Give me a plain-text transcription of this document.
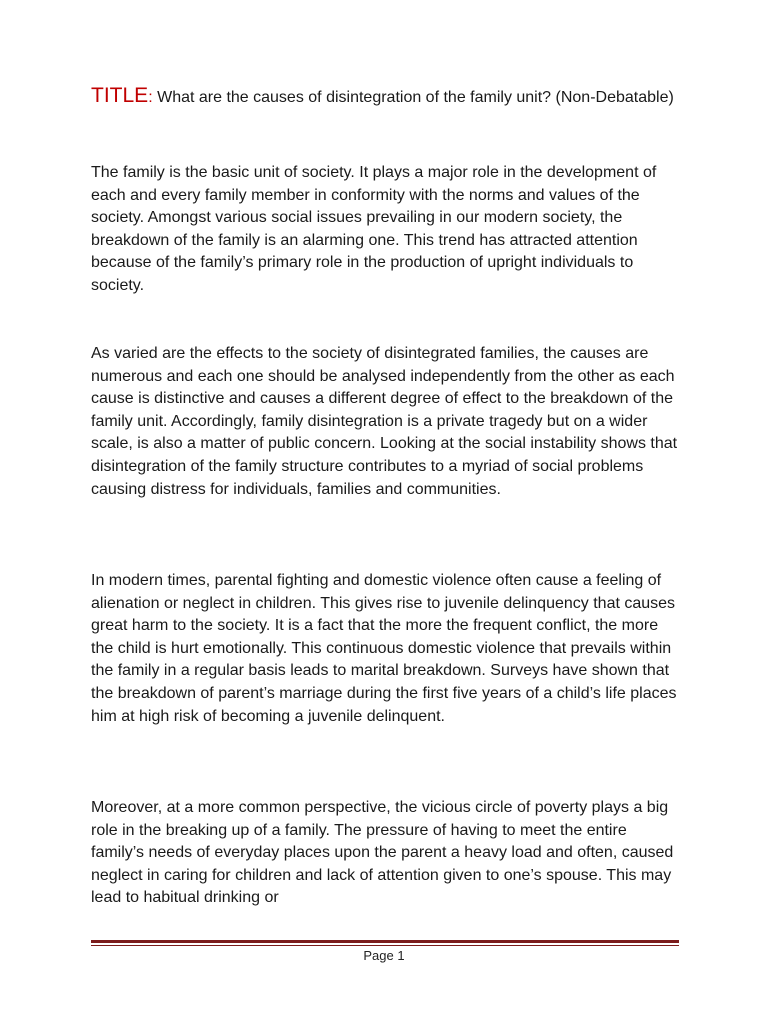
TITLE: What are the causes of disintegration of the family unit? (Non-Debatable)

The family is the basic unit of society. It plays a major role in the development of each and every family member in conformity with the norms and values of the society. Amongst various social issues prevailing in our modern society, the breakdown of the family is an alarming one. This trend has attracted attention because of the family’s primary role in the production of upright individuals to society.

As varied are the effects to the society of disintegrated families, the causes are numerous and each one should be analysed independently from the other as each cause is distinctive and causes a different degree of effect to the breakdown of the family unit. Accordingly, family disintegration is a private tragedy but on a wider scale, is also a matter of public concern. Looking at the social instability shows that disintegration of the family structure contributes to a myriad of social problems causing distress for individuals, families and communities.

In modern times, parental fighting and domestic violence often cause a feeling of alienation or neglect in children. This gives rise to juvenile delinquency that causes great harm to the society. It is a fact that the more the frequent conflict, the more the child is hurt emotionally. This continuous domestic violence that prevails within the family in a regular basis leads to marital breakdown. Surveys have shown that the breakdown of parent’s marriage during the first five years of a child’s life places him at high risk of becoming a juvenile delinquent.

Moreover, at a more common perspective, the vicious circle of poverty plays a big role in the breaking up of a family. The pressure of having to meet the entire family’s needs of everyday places upon the parent a heavy load and often, caused neglect in caring for children and lack of attention given to one’s spouse. This may lead to habitual drinking or

Page 1
